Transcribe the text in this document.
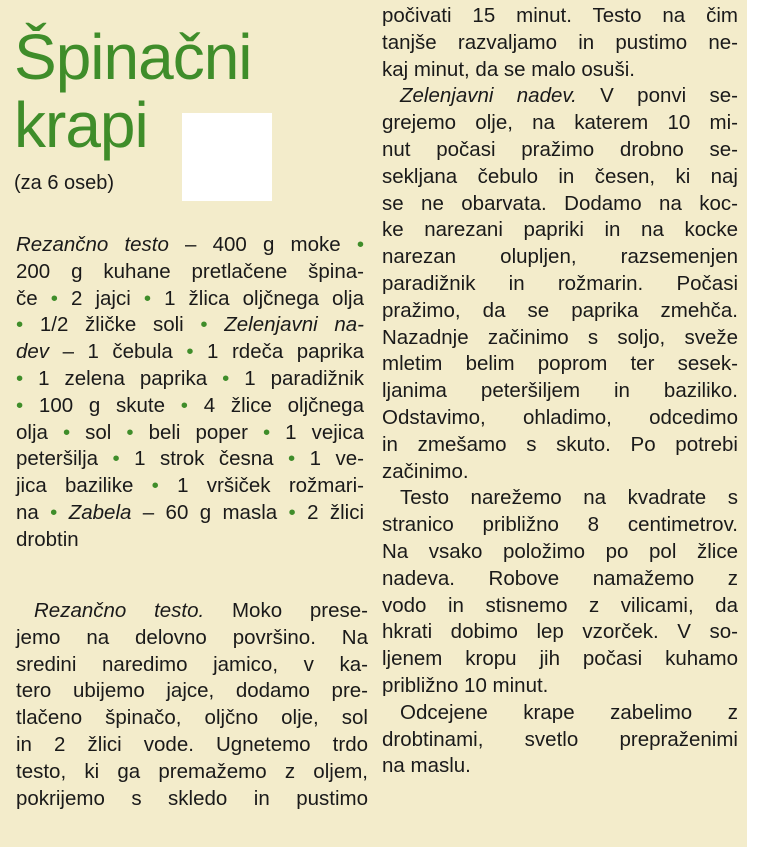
Špinačni
krapi
(za 6 oseb)
Rezančno testo – 400 g moke •
200 g kuhane pretlačene špina-
če • 2 jajci • 1 žlica oljčnega olja
• 1/2 žličke soli • Zelenjavni na-
dev – 1 čebula • 1 rdeča paprika
• 1 zelena paprika • 1 paradižnik
• 100 g skute • 4 žlice oljčnega
olja • sol • beli poper • 1 vejica
peteršilja • 1 strok česna • 1 ve-
jica bazilike • 1 vršiček rožmari-
na • Zabela – 60 g masla • 2 žlici
drobtin
Rezančno testo. Moko prese-
jemo na delovno površino. Na
sredini naredimo jamico, v ka-
tero ubijemo jajce, dodamo pre-
tlačeno špinačo, oljčno olje, sol
in 2 žlici vode. Ugnetemo trdo
testo, ki ga premažemo z oljem,
pokrijemo s skledo in pustimo
počivati 15 minut. Testo na čim
tanjše razvaljamo in pustimo ne-
kaj minut, da se malo osuši.
Zelenjavni nadev. V ponvi se-
grejemo olje, na katerem 10 mi-
nut počasi pražimo drobno se-
sekljana čebulo in česen, ki naj
se ne obarvata. Dodamo na koc-
ke narezani papriki in na kocke
narezan olupljen, razsemenjen
paradižnik in rožmarin. Počasi
pražimo, da se paprika zmehča.
Nazadnje začinimo s soljo, sveže
mletim belim poprom ter sesek-
ljanima peteršiljem in baziliko.
Odstavimo, ohladimo, odcedimo
in zmešamo s skuto. Po potrebi
začinimo.
Testo narežemo na kvadrate s
stranico približno 8 centimetrov.
Na vsako položimo po pol žlice
nadeva. Robove namažemo z
vodo in stisnemo z vilicami, da
hkrati dobimo lep vzorček. V so-
ljenem kropu jih počasi kuhamo
približno 10 minut.
Odcejene krape zabelimo z
drobtinami, svetlo prepraženimi
na maslu.
